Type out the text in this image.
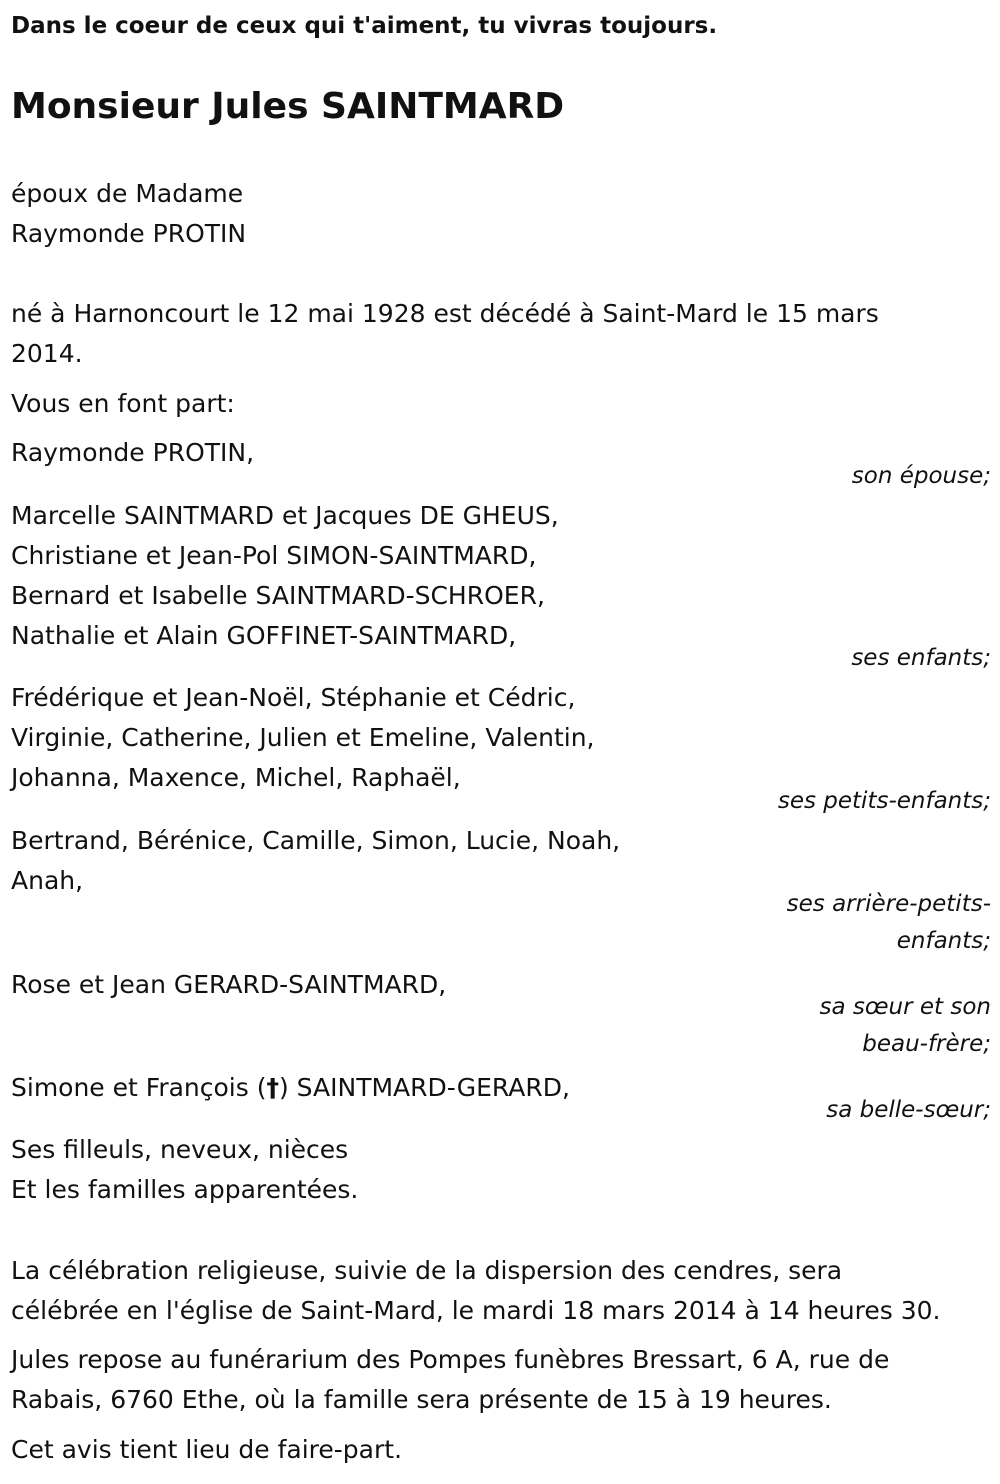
Dans le coeur de ceux qui t'aiment, tu vivras toujours.
Monsieur Jules SAINTMARD
époux de Madame
Raymonde PROTIN
né à Harnoncourt le 12 mai 1928 est décédé à Saint-Mard le 15 mars 2014.
Vous en font part:
Raymonde PROTIN,
son épouse;
Marcelle SAINTMARD et Jacques DE GHEUS,
Christiane et Jean-Pol SIMON-SAINTMARD,
Bernard et Isabelle SAINTMARD-SCHROER,
Nathalie et Alain GOFFINET-SAINTMARD,
ses enfants;
Frédérique et Jean-Noël, Stéphanie et Cédric,
Virginie, Catherine, Julien et Emeline, Valentin,
Johanna, Maxence, Michel, Raphaël,
ses petits-enfants;
Bertrand, Bérénice, Camille, Simon, Lucie, Noah,
Anah,
ses arrière-petits-
enfants;
Rose et Jean GERARD-SAINTMARD,
sa sœur et son
beau-frère;
Simone et François (†) SAINTMARD-GERARD,
sa belle-sœur;
Ses filleuls, neveux, nièces
Et les familles apparentées.
La célébration religieuse, suivie de la dispersion des cendres, sera
célébrée en l'église de Saint-Mard, le mardi 18 mars 2014 à 14 heures 30.
Jules repose au funérarium des Pompes funèbres Bressart, 6 A, rue de
Rabais, 6760 Ethe, où la famille sera présente de 15 à 19 heures.
Cet avis tient lieu de faire-part.
